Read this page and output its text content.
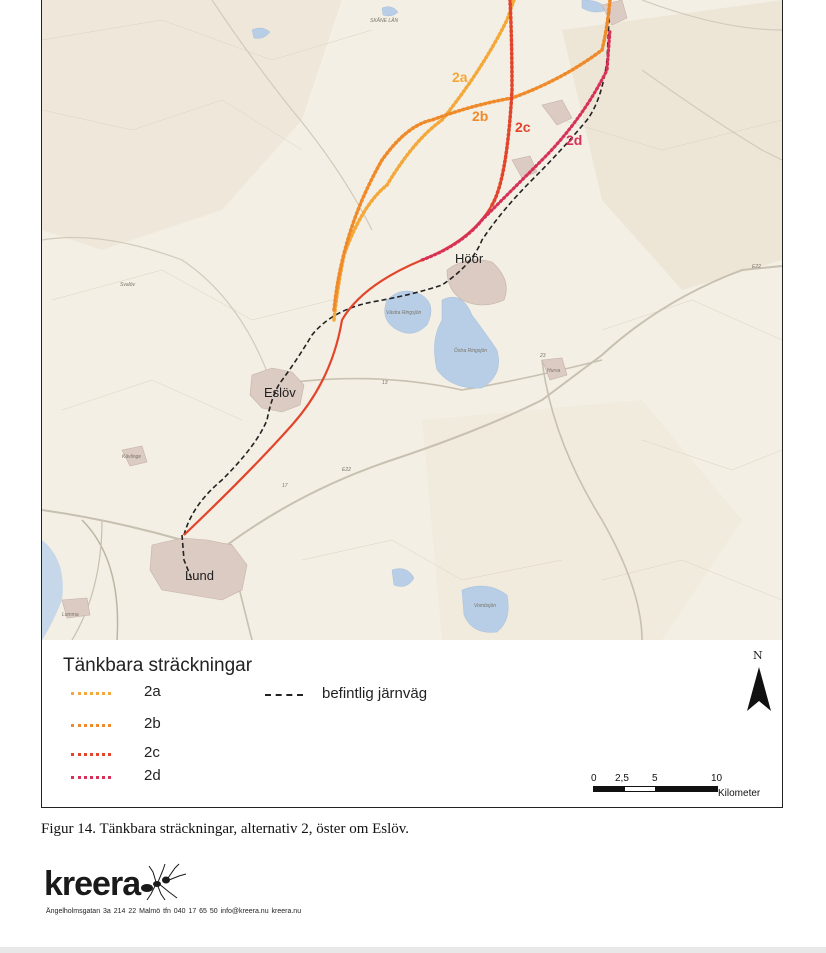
SKÅNE LÄN
Västra Ringsjön
Östra Ringsjön
Vombsjön
Kävlinge
Lomma
Hurva
Svalöv
E22
E22
13
23
17
Höör
Eslöv
Lund
2a
2b
2c
2d
Tänkbara sträckningar
2a
2b
2c
2d
befintlig järnväg
N
0 2,5 5	10
Kilometer
Figur 14. Tänkbara sträckningar, alternativ 2, öster om Eslöv.
kreera
Ängelholmsgatan 3a 214 22 Malmö tfn 040 17 65 50 info@kreera.nu kreera.nu
